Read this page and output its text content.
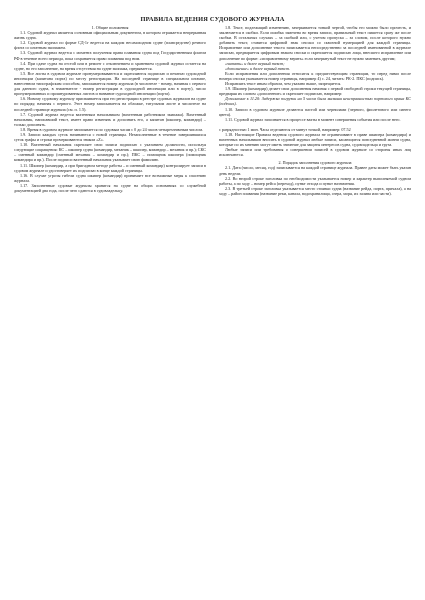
ПРАВИЛА ВЕДЕНИЯ СУДОВОГО ЖУРНАЛА

1. Общие положения

1.1. Судовой журнал является основным официальным документом, в котором отражается непрерывная жизнь судна.

1.2. Судовой журнал по форме СД-1г ведется на каждом несамоходном судне (плавсредстве) речного флота со штатным экипажем.

1.3. Судовой журнал ведется с момента получения права плавания судна под Государственным флагом РФ в течение всего периода, пока сохраняется право плавания под ним.

1.4. При сдаче судна на отстой или в ремонт с отключением и хранением судовой журнал остается на судне, но его заполнение, на время отсутствия на судне экипажа, прерывается.

1.5. Все листы в судовом журнале пронумеровываются и скрепляются подписью и печатью судоходной инспекции (капитана порта) по месту регистрации. На последней странице в специальном штампе, нанесенном типографским способом, записывается номер журнала (в числителе - номер, начиная с первого для данного судна, в знаменателе - номер регистрации в судоходной инспекции или в порту), число пронумерованных и прошнурованных листов и название судоходной инспекции (порта).

1.6. Новому судовому журналу присваивается при его регистрации в реестре судовых журналов на судне по порядку, начиная с первого. Этот номер записывается на обложке, титульном листе и числителе на последней странице журнала (см. п. 1.5).

1.7. Судовой журнал ведется вахтенным начальником (вахтенным работником экипажа). Вахтенный начальник, написавший текст, имеет право изменять и дополнять его, а капитан (шкипер, командир) – только дополнять.

1.8. Время в судовом журнале записывается по судовым часам с 0 до 24 часов четырехзначным числом.

1.9. Записи каждых суток начинаются с новой страницы. Незаполненные в течение завершившихся суток графы и строки прочеркиваются знаком «Z».

1.10. Вахтенный начальник скрепляет свои записи подписью с указанием должности, используя следующие сокращения: КС – шкипер судна (командир, механик – шкипер, командир – механик и пр.); СКС – сменный командир (сменный механик – командир и пр.); ПКС – помощник шкипера (помощник командира и пр.). После подписи вахтенный начальник указывает свою фамилию.

1.11. Шкипер (командир, а при бригадном методе работы – и сменный командир) контролирует записи в судовом журнале и удостоверяет их подписью в конце каждой страницы.

1.16. В случае угрозы гибели судна шкипер (командир) принимает все возможные меры к спасению журнала.

1.17. Заполненные судовые журналы хранятся на судне на общих основаниях со служебной документацией два года, после чего сдаются в судовладельцу.

1.8. Текст, подлежащий изменению, зачеркивается тонкой чертой, чтобы его можно было прочесть, и заключается в скобки. Если ошибка замечена во время записи, правильный текст пишется сразу же после скобки. В остальных случаях – за скобкой или, с учетом пропуска – за словом, после которого нужно добавить текст, ставится цифровой знак сноски со сквозной нумерацией для каждой страницы. Исправление или дополнение текста записывается непосредственно за последней именованной в журнале записью, предваряется цифровым знаком сноски и скрепляется подписью лица, внесшего исправление или дополнение по форме: «исправленному верить» если зачеркнутый текст не нужно заменять другим;

«читать» и далее верный текст;

«дополнение» и далее верный текст.

Если исправления или дополнения относятся к предшествующим страницам, то перед ними после номера сноски указывается номер страницы, например 4) с. 24, читать: РК-2. ПКС (подпись).

Исправлять текст иным образом, чем указано выше, запрещается.

1.9. Шкипер (командир) делает свои дополнения начиная с первой свободной строки текущей страницы, предваряя их словом «дополнение» и скрепляет подписью, например:

Дополнение к 11.20: Задержка погрузки на 5 часов была вызвана неисправностью портового крана КС (подпись).

1.10. Записи в судовом журнале делаются пастой или чернилами (черного, фиолетового или синего цвета).

1.11. Судовой журнал заполняется в процессе вахты в момент совершения события или после него.

с разрядностью 1 мин. Часы отделяются от минут точкой, например: 07.52

1.18. Настоящие Правила ведения судового журнала не ограничивают в праве шкипера (командира) и вахтенных начальников вносить в судовой журнал любые записи, касающиеся повседневной жизни судна, которые по их мнению могут иметь значение для защиты интересов судна, судовладельца и груза.

Любые записи или требования о совершении записей в судовом журнале со стороны иных лиц исключаются.

2. Порядок заполнения судового журнала

2.1. Дата (число, месяц, год) записывается на каждой странице журнала. Правее даты может быть указан день недели.

2.2. Во второй строке заголовка по необходимости указывается номер и характер выполняемой судном работы, а по ходу – номер рейса (переход), пункт отхода и пункт назначения.

2.3. В третьей строке заголовка указывается место стоянки судна (название рейда, порта, причала), а на ходу – район плавания (название реки, канала, водохранилища, озера, моря, их залива или части).
